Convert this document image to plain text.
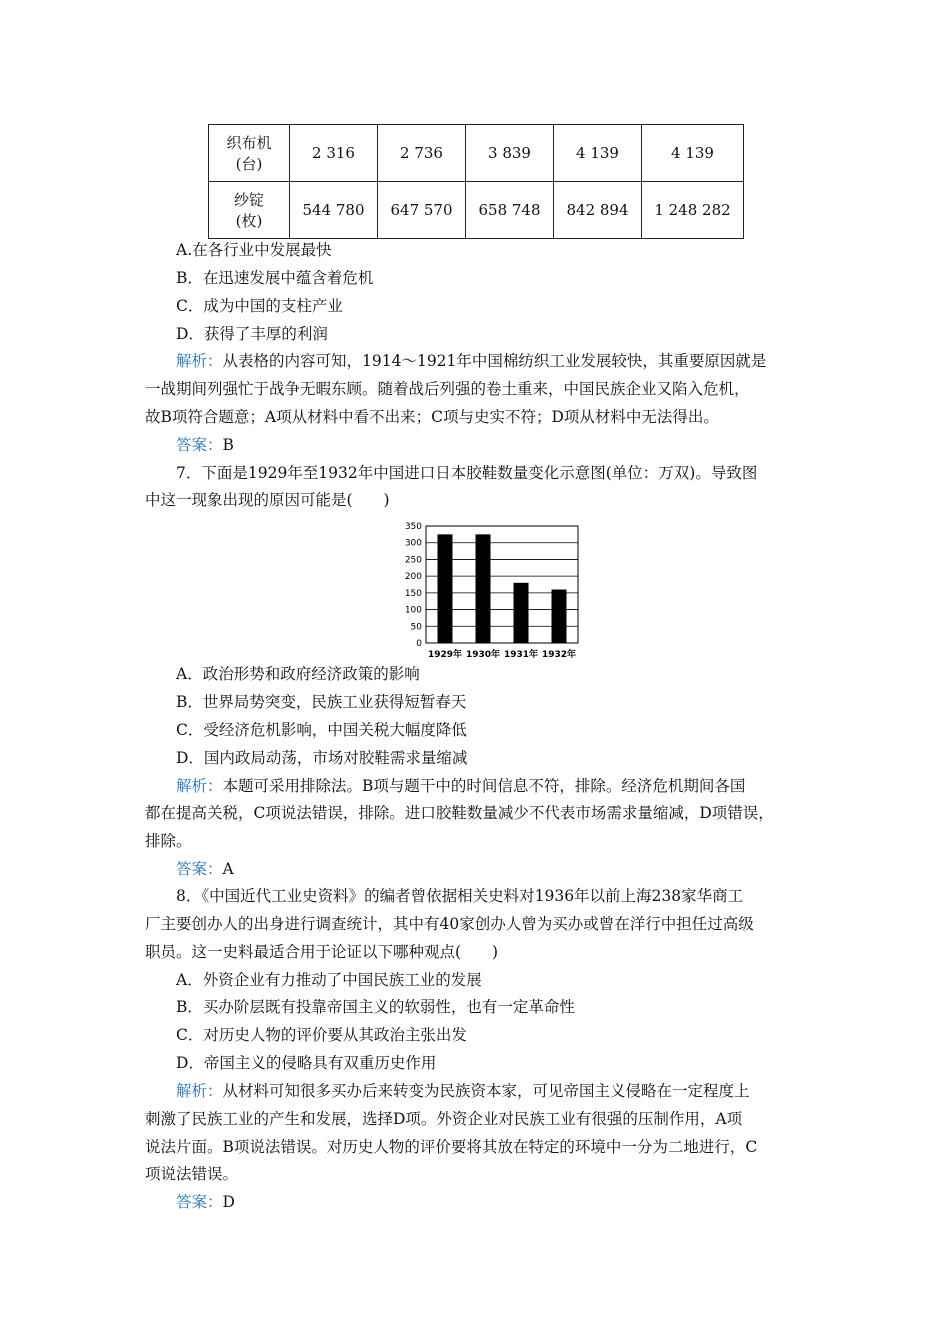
织布机
(台)	2 316	2 736	3 839	4 139	4 139

纱锭
(枚)	544 780	647 570	658 748	842 894	1 248 282
A.在各行业中发展最快
B．在迅速发展中蕴含着危机
C．成为中国的支柱产业
D．获得了丰厚的利润
解析：从表格的内容可知，1914～1921年中国棉纺织工业发展较快，其重要原因就是
一战期间列强忙于战争无暇东顾。随着战后列强的卷土重来，中国民族企业又陷入危机，
故B项符合题意；A项从材料中看不出来；C项与史实不符；D项从材料中无法得出。
答案：B
7．下面是1929年至1932年中国进口日本胶鞋数量变化示意图(单位：万双)。导致图
中这一现象出现的原因可能是(　　)
0
50
100
150
200
250
300
350
1929年 1930年 1931年 1932年
A．政治形势和政府经济政策的影响
B．世界局势突变，民族工业获得短暂春天
C．受经济危机影响，中国关税大幅度降低
D．国内政局动荡，市场对胶鞋需求量缩减
解析：本题可采用排除法。B项与题干中的时间信息不符，排除。经济危机期间各国
都在提高关税，C项说法错误，排除。进口胶鞋数量减少不代表市场需求量缩减，D项错误，
排除。
答案：A
8．《中国近代工业史资料》的编者曾依据相关史料对1936年以前上海238家华商工
厂主要创办人的出身进行调查统计，其中有40家创办人曾为买办或曾在洋行中担任过高级
职员。这一史料最适合用于论证以下哪种观点(　　)
A．外资企业有力推动了中国民族工业的发展
B．买办阶层既有投靠帝国主义的软弱性，也有一定革命性
C．对历史人物的评价要从其政治主张出发
D．帝国主义的侵略具有双重历史作用
解析：从材料可知很多买办后来转变为民族资本家，可见帝国主义侵略在一定程度上
刺激了民族工业的产生和发展，选择D项。外资企业对民族工业有很强的压制作用，A项
说法片面。B项说法错误。对历史人物的评价要将其放在特定的环境中一分为二地进行，C
项说法错误。
答案：D
